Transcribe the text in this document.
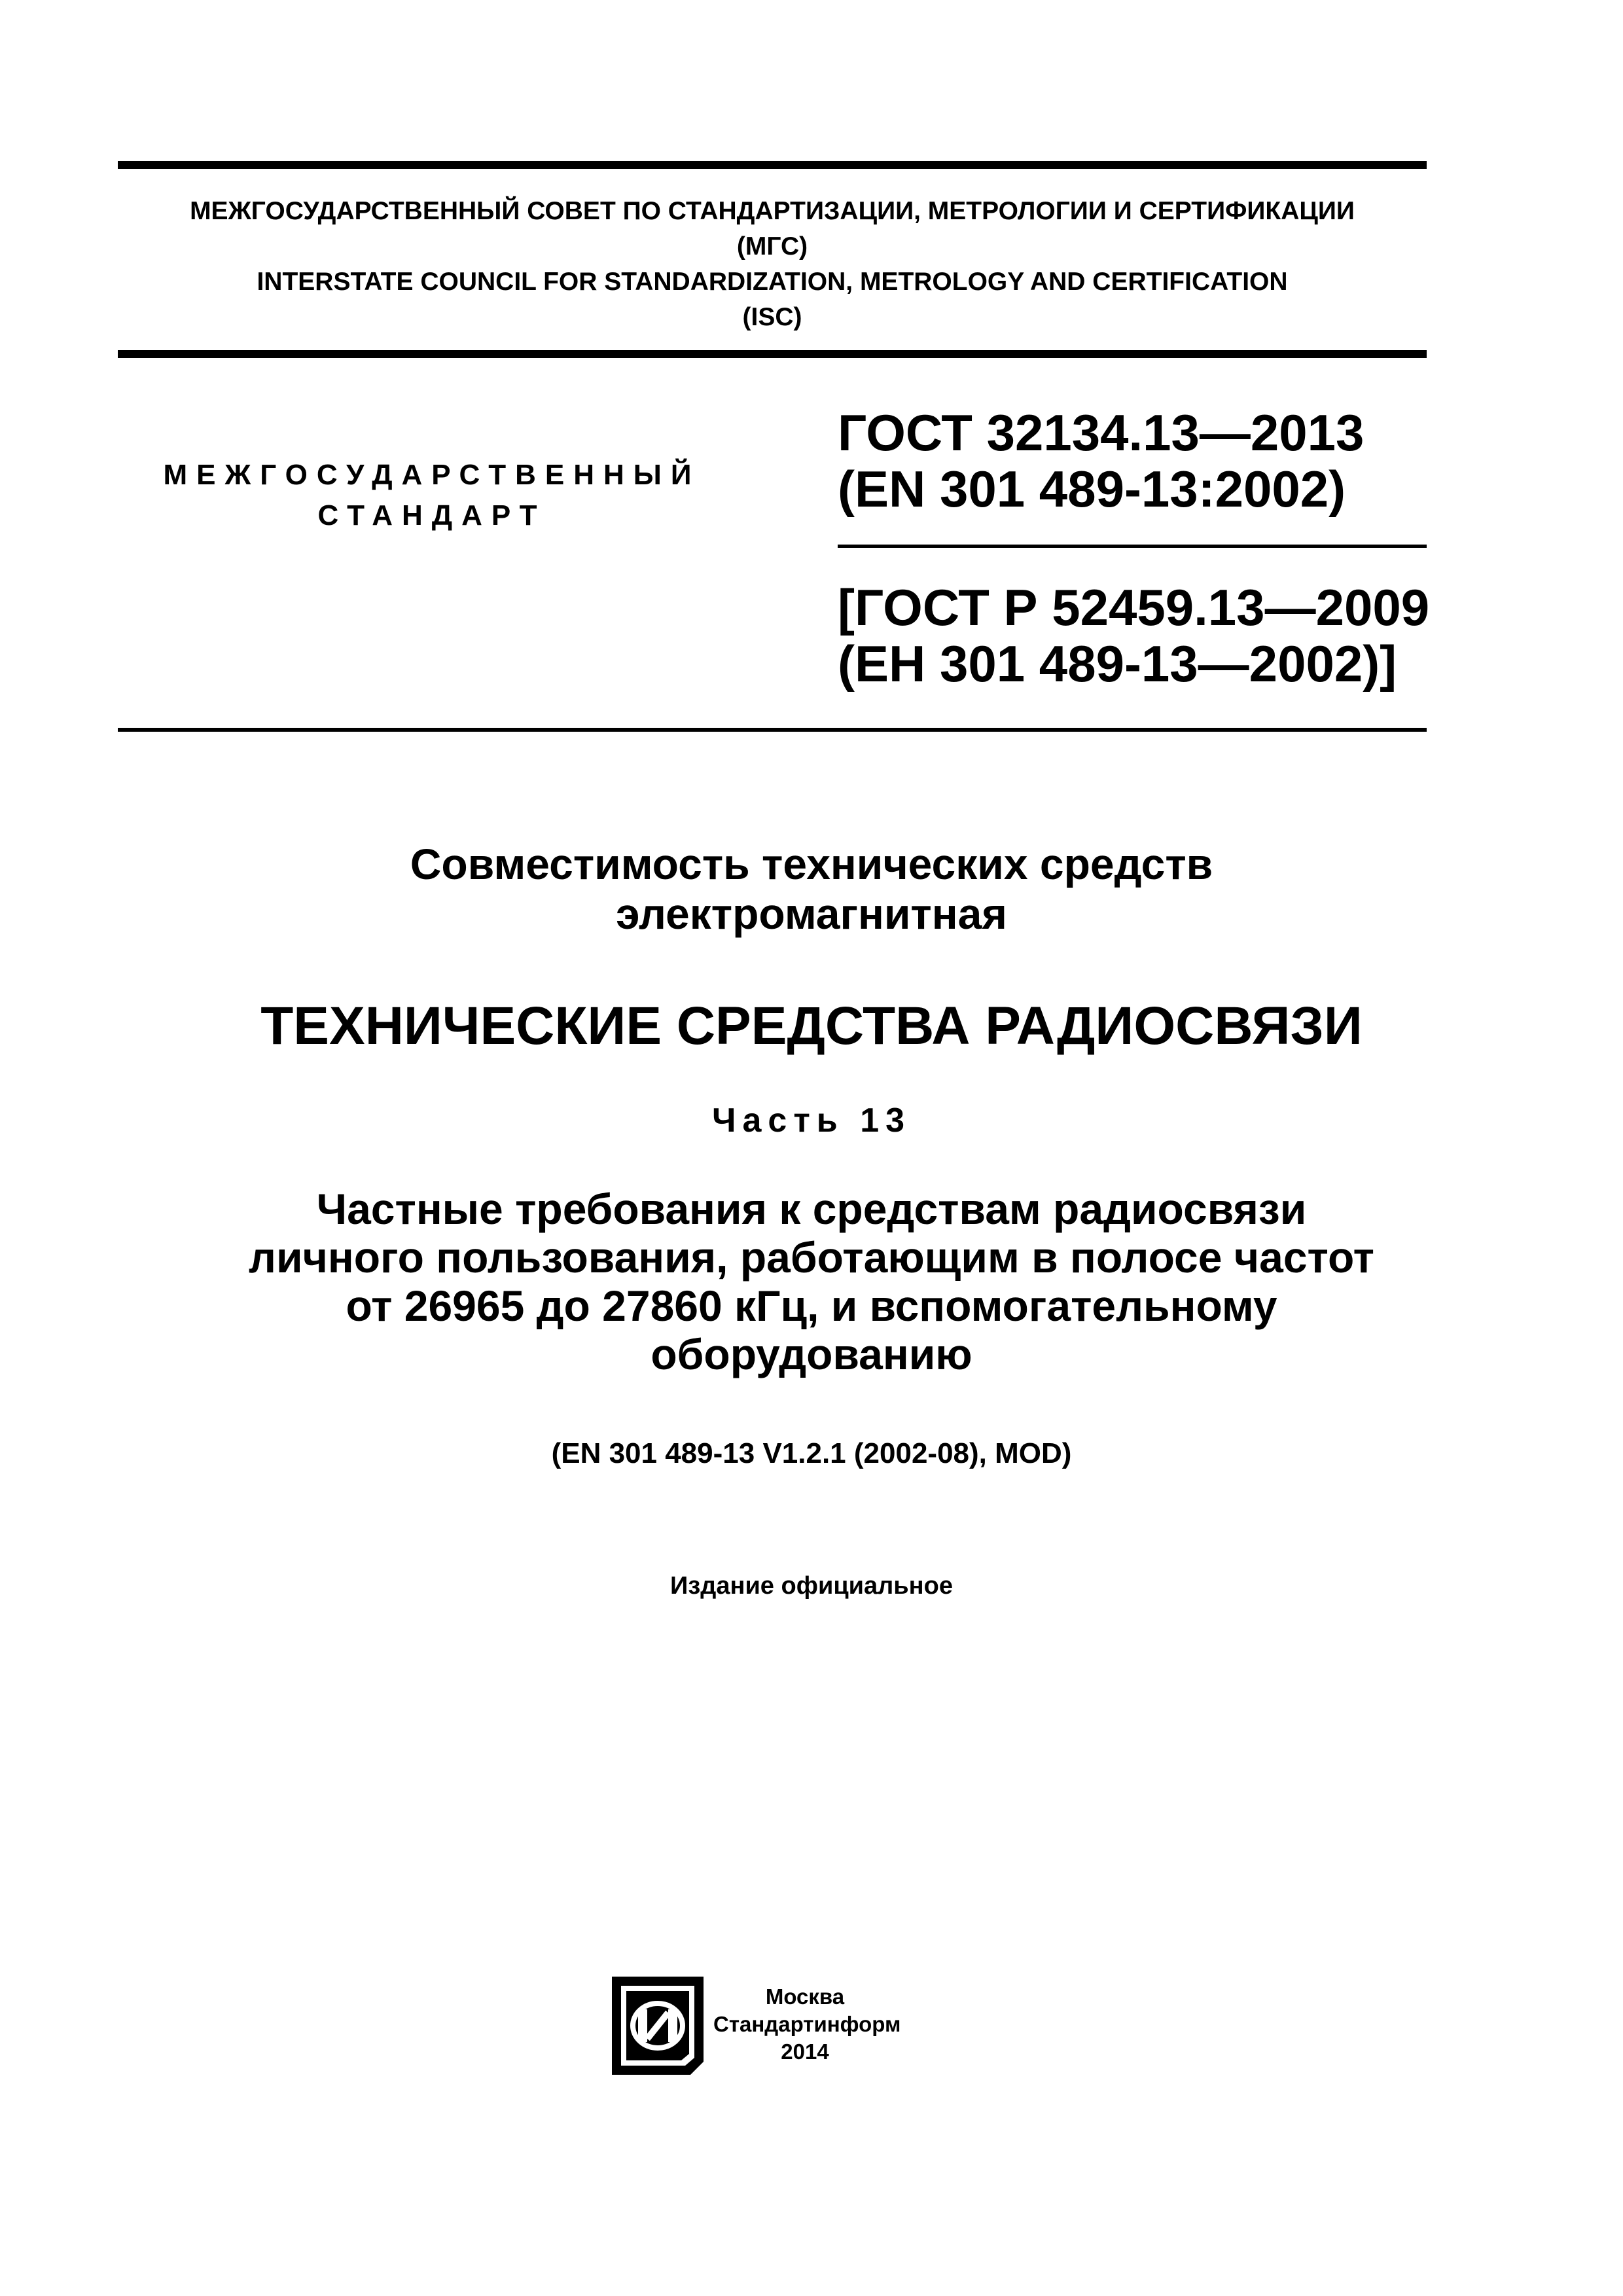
МЕЖГОСУДАРСТВЕННЫЙ СОВЕТ ПО СТАНДАРТИЗАЦИИ, МЕТРОЛОГИИ И СЕРТИФИКАЦИИ
(МГС)
INTERSTATE COUNCIL FOR STANDARDIZATION, METROLOGY AND CERTIFICATION
(ISC)
МЕЖГОСУДАРСТВЕННЫЙ
СТАНДАРТ
ГОСТ 32134.13—2013
(EN 301 489-13:2002)
[ГОСТ Р 52459.13—2009
(ЕН 301 489-13—2002)]
Совместимость технических средств
электромагнитная
ТЕХНИЧЕСКИЕ СРЕДСТВА РАДИОСВЯЗИ
Часть 13
Частные требования к средствам радиосвязи
личного пользования, работающим в полосе частот
от 26965 до 27860 кГц, и вспомогательному
оборудованию
(EN 301 489-13 V1.2.1 (2002-08), MOD)
Издание официальное
Москва
Стандартинформ
2014
